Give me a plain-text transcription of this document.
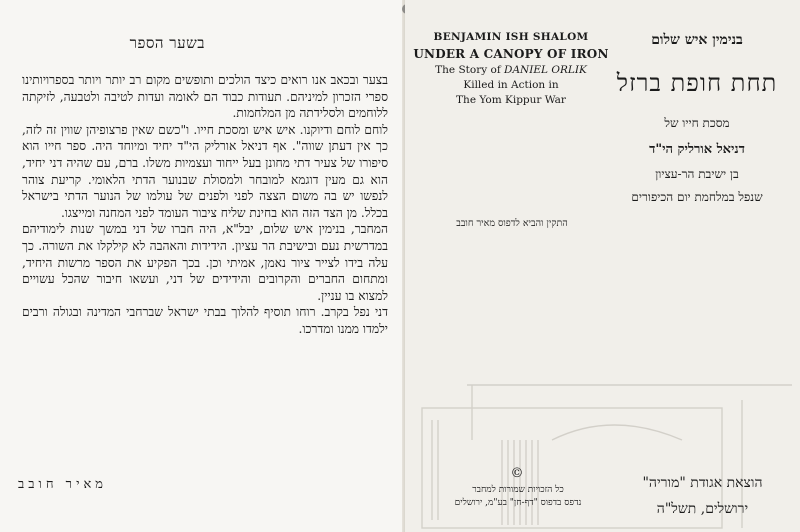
בשער הספר

בצער ובכאב אנו רואים כיצד הולכים ותופשים מקום רב יותר ויותר בספרויותינו ספרי הזכרון למיניהם. תעודות כבוד הם לאומה ועדות לטיבה ולטבעה, לזיקתה ללוחמים ולסלידתה מן המלחמות.

לוחם לוחם ודיוקנו. איש איש ומסכת חייו. ו"כשם שאין פרצופיהן שווין זה לזה, כך אין דעתן שווה". אף דניאל אורליק הי"ד יחיד ומיוחד היה. ספר חייו הוא סיפורו של צעיר דתי מחונן בעל ייחוד ועצמיות משלו. ברם, עם שהיה דני יחיד, הוא גם מעין דוגמא למובחר ולמסולת שבנוער הדתי הלאומי. קריעת צוהר לנפשו יש בה משום הצצה לפני ולפנים של עולמו של הנוער הדתי בישראל בכלל. מן הצד הזה הוא בחינת שליח ציבור העומד לפני המחנה ומייצגו.

המחבר, בנימין איש שלום, יבל"א, היה חברו של דני במשך שנות לימודיהם במדרשית נעם ובישיבת הר עציון. הידידות והאהבה לא קילקלו את השורה. כך עלה בידו לצייר ציור נאמן, אמיתי וכן. בכך הפקיע את הספר מרשות היחיד, ומתחום החברים והקרובים והידידים של דני, ועשאו חיבור שהכל עשויים למצוא בו עניין.

דני נפל בקרב. רוחו תוסיף להלוך בבתי ישראל שברחבי המדינה ובגולה ורבים ילמדו ממנו ומדרכו.

מאיר חובב
BENJAMIN ISH SHALOM
UNDER A CANOPY OF IRON
The Story of DANIEL ORLIK
Killed in Action in
The Yom Kippur War
בנימין איש שלום
תחת חופת ברזל
מסכת חייו של
דניאל אורליק הי"ד
בן ישיבת הר-עציון
שנפל במלחמת יום הכיפורים
התקין והביא לדפוס מאיר חובב
©
כל הזכויות שמורות למחבר
נדפס בדפוס "דף-חן" בע"מ, ירושלים
הוצאת אגודת "מוריה"
ירושלים, תשל"ה
